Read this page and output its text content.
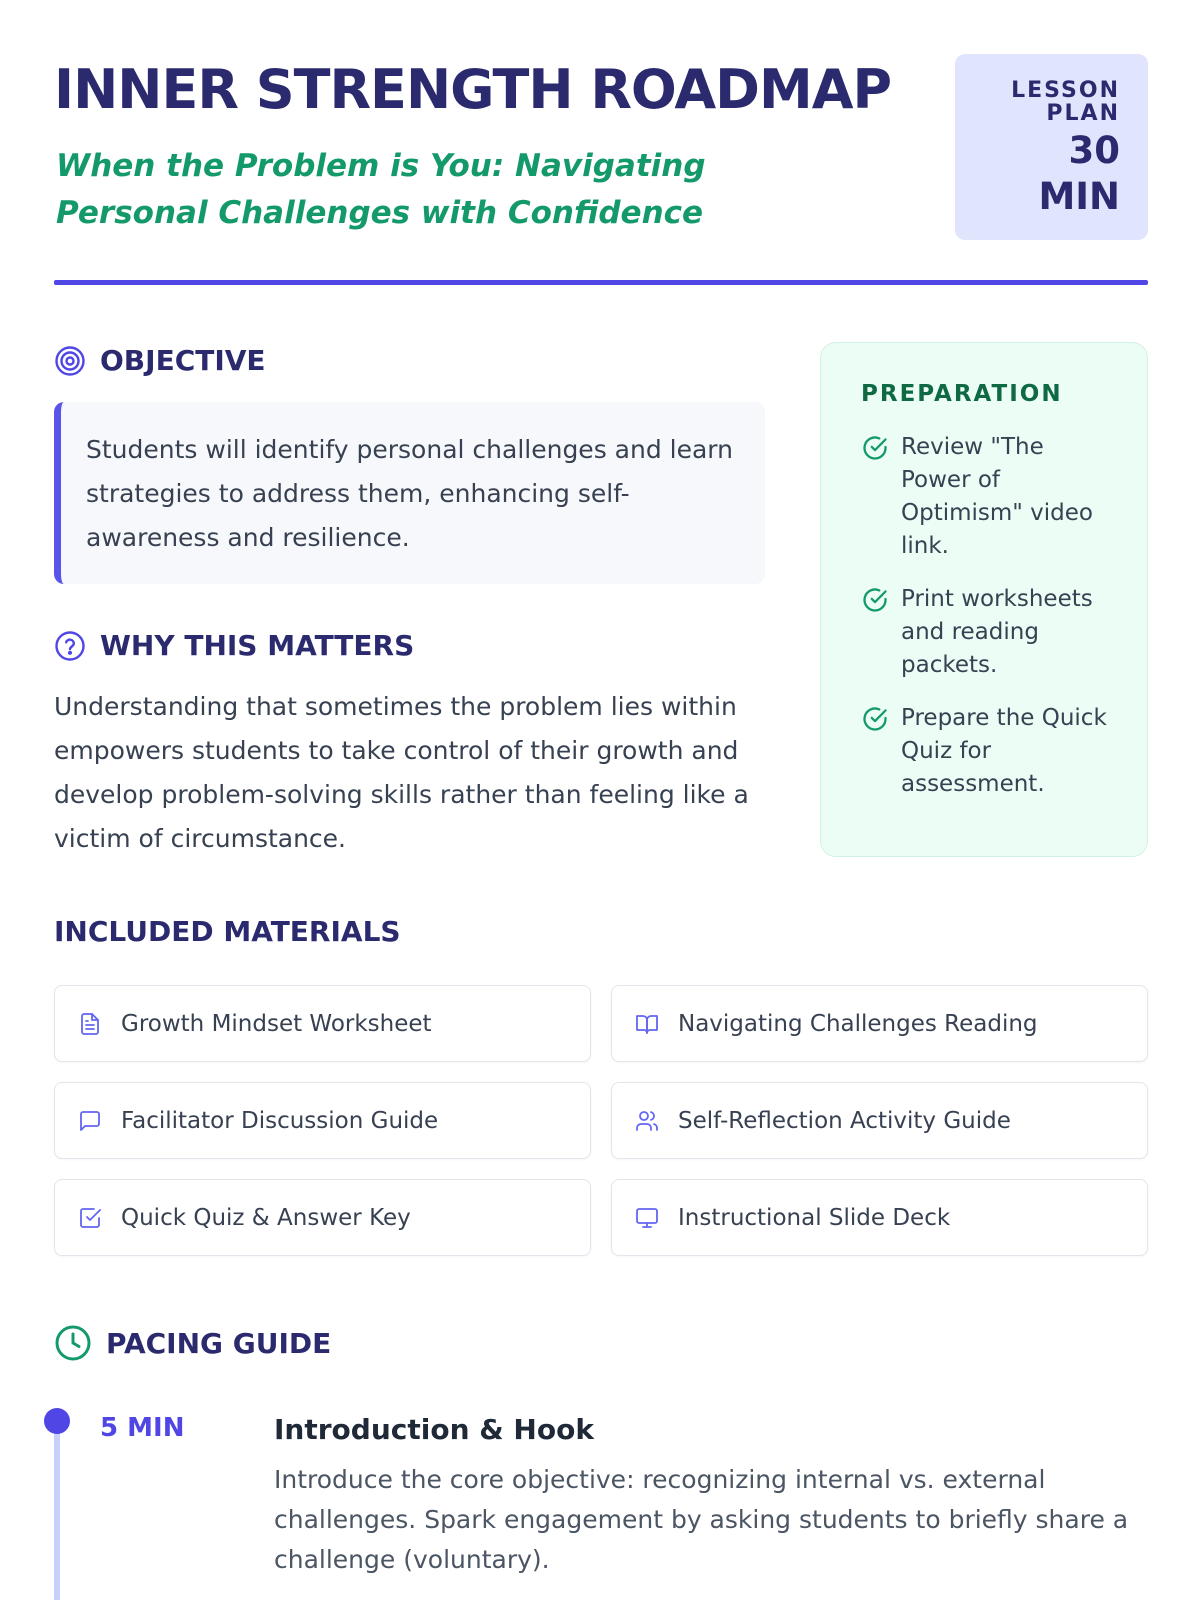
INNER STRENGTH ROADMAP
When the Problem is You: Navigating Personal Challenges with Confidence
LESSON
PLAN
30
MIN
OBJECTIVE
Students will identify personal challenges and learn strategies to address them, enhancing self-awareness and resilience.
WHY THIS MATTERS
Understanding that sometimes the problem lies within empowers students to take control of their growth and develop problem-solving skills rather than feeling like a victim of circumstance.
PREPARATION
Review "The Power of Optimism" video link.
Print worksheets and reading packets.
Prepare the Quick Quiz for assessment.
INCLUDED MATERIALS
Growth Mindset Worksheet	Navigating Challenges Reading
Facilitator Discussion Guide	Self-Reflection Activity Guide
Quick Quiz & Answer Key	Instructional Slide Deck
PACING GUIDE
5 MIN	Introduction & Hook
Introduce the core objective: recognizing internal vs. external challenges. Spark engagement by asking students to briefly share a challenge (voluntary).
